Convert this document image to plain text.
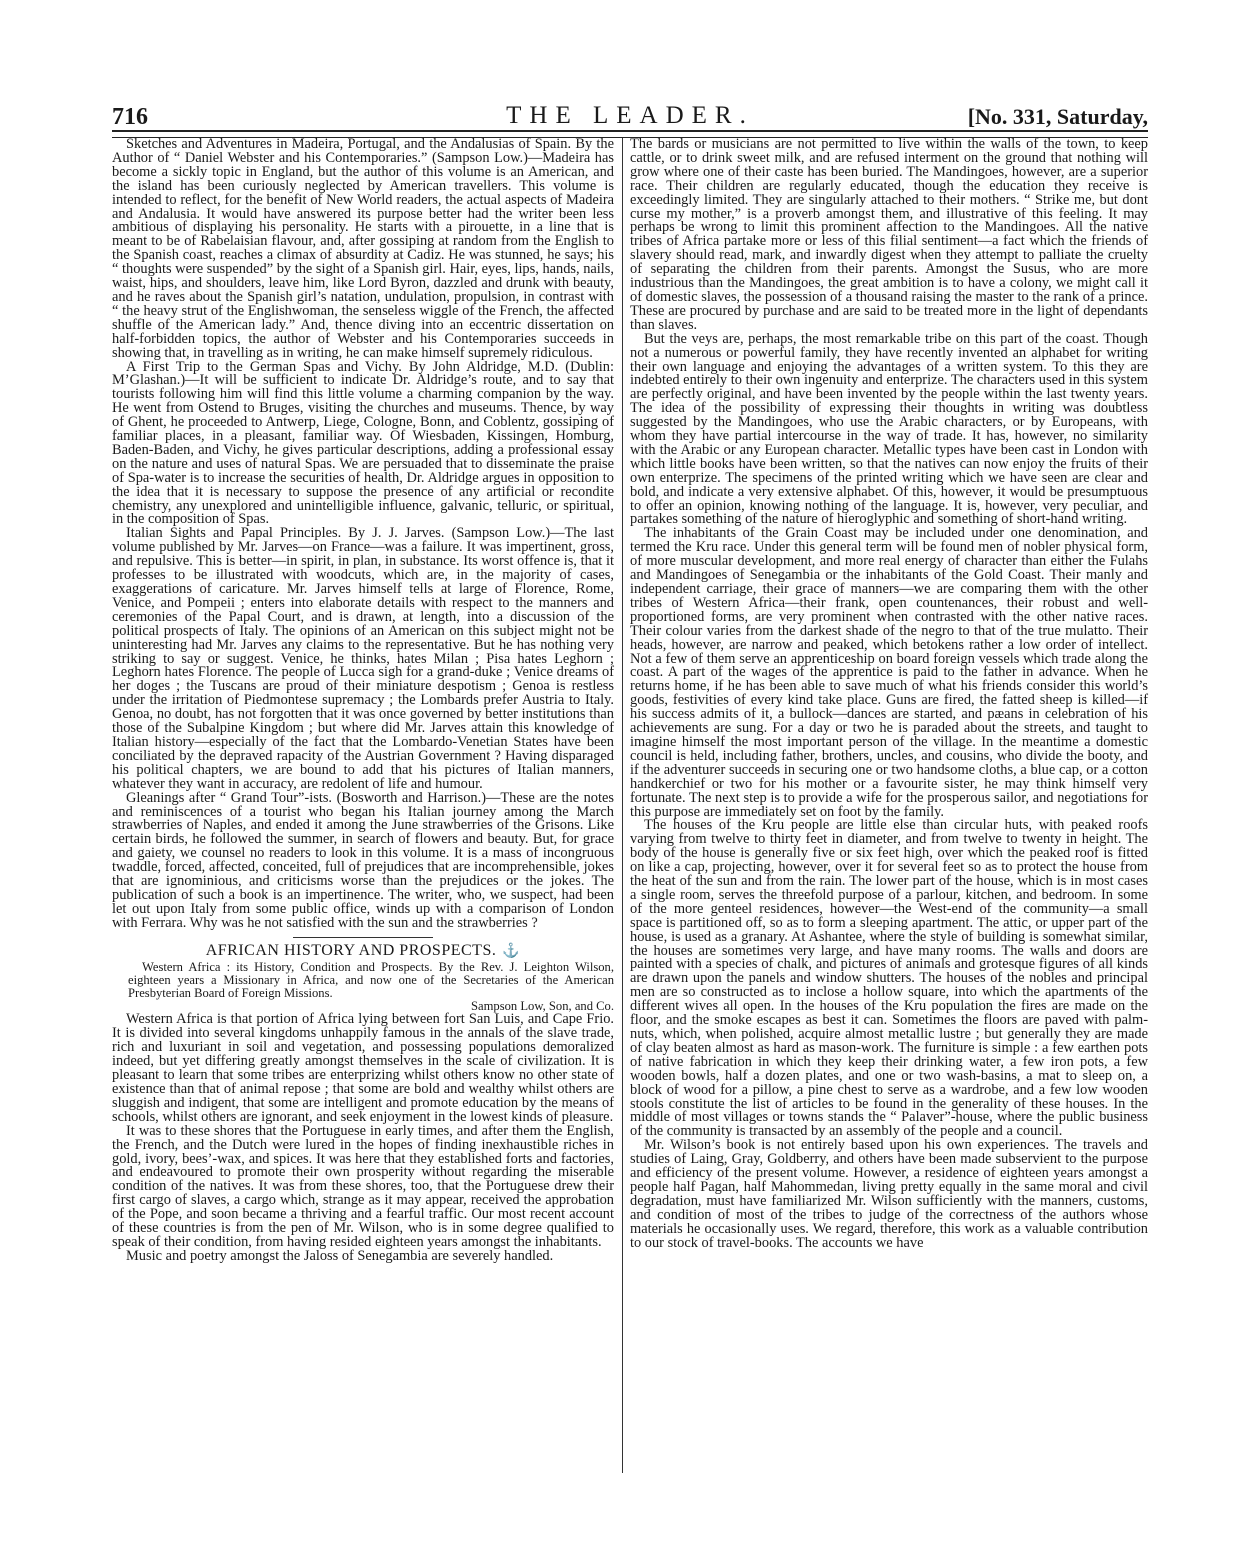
716	THE LEADER.	[No. 331, Saturday,

Sketches and Adventures in Madeira, Portugal, and the Andalusias of Spain. By the Author of “ Daniel Webster and his Contemporaries.” (Sampson Low.)—Madeira has become a sickly topic in England, but the author of this volume is an American, and the island has been curiously neglected by American travellers. This volume is intended to reflect, for the benefit of New World readers, the actual aspects of Madeira and Andalusia. It would have answered its purpose better had the writer been less ambitious of displaying his personality. He starts with a pirouette, in a line that is meant to be of Rabelaisian flavour, and, after gossiping at random from the English to the Spanish coast, reaches a climax of absurdity at Cadiz. He was stunned, he says; his “ thoughts were suspended” by the sight of a Spanish girl. Hair, eyes, lips, hands, nails, waist, hips, and shoulders, leave him, like Lord Byron, dazzled and drunk with beauty, and he raves about the Spanish girl’s natation, undulation, propulsion, in contrast with “ the heavy strut of the Englishwoman, the senseless wiggle of the French, the affected shuffle of the American lady.” And, thence diving into an eccentric dissertation on half-forbidden topics, the author of Webster and his Contemporaries succeeds in showing that, in travelling as in writing, he can make himself supremely ridiculous.

A First Trip to the German Spas and Vichy. By John Aldridge, M.D. (Dublin: M’Glashan.)—It will be sufficient to indicate Dr. Aldridge’s route, and to say that tourists following him will find this little volume a charming companion by the way. He went from Ostend to Bruges, visiting the churches and museums. Thence, by way of Ghent, he proceeded to Antwerp, Liege, Cologne, Bonn, and Coblentz, gossiping of familiar places, in a pleasant, familiar way. Of Wiesbaden, Kissingen, Homburg, Baden-Baden, and Vichy, he gives particular descriptions, adding a professional essay on the nature and uses of natural Spas. We are persuaded that to disseminate the praise of Spa-water is to increase the securities of health, Dr. Aldridge argues in opposition to the idea that it is necessary to suppose the presence of any artificial or recondite chemistry, any unexplored and unintelligible influence, galvanic, telluric, or spiritual, in the composition of Spas.

Italian Sights and Papal Principles. By J. J. Jarves. (Sampson Low.)—The last volume published by Mr. Jarves—on France—was a failure. It was impertinent, gross, and repulsive. This is better—in spirit, in plan, in substance. Its worst offence is, that it professes to be illustrated with woodcuts, which are, in the majority of cases, exaggerations of caricature. Mr. Jarves himself tells at large of Florence, Rome, Venice, and Pompeii ; enters into elaborate details with respect to the manners and ceremonies of the Papal Court, and is drawn, at length, into a discussion of the political prospects of Italy. The opinions of an American on this subject might not be uninteresting had Mr. Jarves any claims to the representative. But he has nothing very striking to say or suggest. Venice, he thinks, hates Milan ; Pisa hates Leghorn ; Leghorn hates Florence. The people of Lucca sigh for a grand-duke ; Venice dreams of her doges ; the Tuscans are proud of their miniature despotism ; Genoa is restless under the irritation of Piedmontese supremacy ; the Lombards prefer Austria to Italy. Genoa, no doubt, has not forgotten that it was once governed by better institutions than those of the Subalpine Kingdom ; but where did Mr. Jarves attain this knowledge of Italian history—especially of the fact that the Lombardo-Venetian States have been conciliated by the depraved rapacity of the Austrian Government ? Having disparaged his political chapters, we are bound to add that his pictures of Italian manners, whatever they want in accuracy, are redolent of life and humour.

Gleanings after “ Grand Tour”-ists. (Bosworth and Harrison.)—These are the notes and reminiscences of a tourist who began his Italian journey among the March strawberries of Naples, and ended it among the June strawberries of the Grisons. Like certain birds, he followed the summer, in search of flowers and beauty. But, for grace and gaiety, we counsel no readers to look in this volume. It is a mass of incongruous twaddle, forced, affected, conceited, full of prejudices that are incomprehensible, jokes that are ignominious, and criticisms worse than the prejudices or the jokes. The publication of such a book is an impertinence. The writer, who, we suspect, had been let out upon Italy from some public office, winds up with a comparison of London with Ferrara. Why was he not satisfied with the sun and the strawberries ?

AFRICAN HISTORY AND PROSPECTS. ⚓

Western Africa : its History, Condition and Prospects. By the Rev. J. Leighton Wilson, eighteen years a Missionary in Africa, and now one of the Secretaries of the American Presbyterian Board of Foreign Missions.

Sampson Low, Son, and Co.

Western Africa is that portion of Africa lying between fort San Luis, and Cape Frio. It is divided into several kingdoms unhappily famous in the annals of the slave trade, rich and luxuriant in soil and vegetation, and possessing populations demoralized indeed, but yet differing greatly amongst themselves in the scale of civilization. It is pleasant to learn that some tribes are enterprizing whilst others know no other state of existence than that of animal repose ; that some are bold and wealthy whilst others are sluggish and indigent, that some are intelligent and promote education by the means of schools, whilst others are ignorant, and seek enjoyment in the lowest kinds of pleasure.

It was to these shores that the Portuguese in early times, and after them the English, the French, and the Dutch were lured in the hopes of finding inexhaustible riches in gold, ivory, bees’-wax, and spices. It was here that they established forts and factories, and endeavoured to promote their own prosperity without regarding the miserable condition of the natives. It was from these shores, too, that the Portuguese drew their first cargo of slaves, a cargo which, strange as it may appear, received the approbation of the Pope, and soon became a thriving and a fearful traffic. Our most recent account of these countries is from the pen of Mr. Wilson, who is in some degree qualified to speak of their condition, from having resided eighteen years amongst the inhabitants.

Music and poetry amongst the Jaloss of Senegambia are severely handled.

The bards or musicians are not permitted to live within the walls of the town, to keep cattle, or to drink sweet milk, and are refused interment on the ground that nothing will grow where one of their caste has been buried. The Mandingoes, however, are a superior race. Their children are regularly educated, though the education they receive is exceedingly limited. They are singularly attached to their mothers. “ Strike me, but dont curse my mother,” is a proverb amongst them, and illustrative of this feeling. It may perhaps be wrong to limit this prominent affection to the Mandingoes. All the native tribes of Africa partake more or less of this filial sentiment—a fact which the friends of slavery should read, mark, and inwardly digest when they attempt to palliate the cruelty of separating the children from their parents. Amongst the Susus, who are more industrious than the Mandingoes, the great ambition is to have a colony, we might call it of domestic slaves, the possession of a thousand raising the master to the rank of a prince. These are procured by purchase and are said to be treated more in the light of dependants than slaves.

But the veys are, perhaps, the most remarkable tribe on this part of the coast. Though not a numerous or powerful family, they have recently invented an alphabet for writing their own language and enjoying the advantages of a written system. To this they are indebted entirely to their own ingenuity and enterprize. The characters used in this system are perfectly original, and have been invented by the people within the last twenty years. The idea of the possibility of expressing their thoughts in writing was doubtless suggested by the Mandingoes, who use the Arabic characters, or by Europeans, with whom they have partial intercourse in the way of trade. It has, however, no similarity with the Arabic or any European character. Metallic types have been cast in London with which little books have been written, so that the natives can now enjoy the fruits of their own enterprize. The specimens of the printed writing which we have seen are clear and bold, and indicate a very extensive alphabet. Of this, however, it would be presumptuous to offer an opinion, knowing nothing of the language. It is, however, very peculiar, and partakes something of the nature of hieroglyphic and something of short-hand writing.

The inhabitants of the Grain Coast may be included under one denomination, and termed the Kru race. Under this general term will be found men of nobler physical form, of more muscular development, and more real energy of character than either the Fulahs and Mandingoes of Senegambia or the inhabitants of the Gold Coast. Their manly and independent carriage, their grace of manners—we are comparing them with the other tribes of Western Africa—their frank, open countenances, their robust and well-proportioned forms, are very prominent when contrasted with the other native races. Their colour varies from the darkest shade of the negro to that of the true mulatto. Their heads, however, are narrow and peaked, which betokens rather a low order of intellect. Not a few of them serve an apprenticeship on board foreign vessels which trade along the coast. A part of the wages of the apprentice is paid to the father in advance. When he returns home, if he has been able to save much of what his friends consider this world’s goods, festivities of every kind take place. Guns are fired, the fatted sheep is killed—if his success admits of it, a bullock—dances are started, and pæans in celebration of his achievements are sung. For a day or two he is paraded about the streets, and taught to imagine himself the most important person of the village. In the meantime a domestic council is held, including father, brothers, uncles, and cousins, who divide the booty, and if the adventurer succeeds in securing one or two handsome cloths, a blue cap, or a cotton handkerchief or two for his mother or a favourite sister, he may think himself very fortunate. The next step is to provide a wife for the prosperous sailor, and negotiations for this purpose are immediately set on foot by the family.

The houses of the Kru people are little else than circular huts, with peaked roofs varying from twelve to thirty feet in diameter, and from twelve to twenty in height. The body of the house is generally five or six feet high, over which the peaked roof is fitted on like a cap, projecting, however, over it for several feet so as to protect the house from the heat of the sun and from the rain. The lower part of the house, which is in most cases a single room, serves the threefold purpose of a parlour, kitchen, and bedroom. In some of the more genteel residences, however—the West-end of the community—a small space is partitioned off, so as to form a sleeping apartment. The attic, or upper part of the house, is used as a granary. At Ashantee, where the style of building is somewhat similar, the houses are sometimes very large, and have many rooms. The walls and doors are painted with a species of chalk, and pictures of animals and grotesque figures of all kinds are drawn upon the panels and window shutters. The houses of the nobles and principal men are so constructed as to inclose a hollow square, into which the apartments of the different wives all open. In the houses of the Kru population the fires are made on the floor, and the smoke escapes as best it can. Sometimes the floors are paved with palm-nuts, which, when polished, acquire almost metallic lustre ; but generally they are made of clay beaten almost as hard as mason-work. The furniture is simple : a few earthen pots of native fabrication in which they keep their drinking water, a few iron pots, a few wooden bowls, half a dozen plates, and one or two wash-basins, a mat to sleep on, a block of wood for a pillow, a pine chest to serve as a wardrobe, and a few low wooden stools constitute the list of articles to be found in the generality of these houses. In the middle of most villages or towns stands the “ Palaver”-house, where the public business of the community is transacted by an assembly of the people and a council.

Mr. Wilson’s book is not entirely based upon his own experiences. The travels and studies of Laing, Gray, Goldberry, and others have been made subservient to the purpose and efficiency of the present volume. However, a residence of eighteen years amongst a people half Pagan, half Mahommedan, living pretty equally in the same moral and civil degradation, must have familiarized Mr. Wilson sufficiently with the manners, customs, and condition of most of the tribes to judge of the correctness of the authors whose materials he occasionally uses. We regard, therefore, this work as a valuable contribution to our stock of travel-books. The accounts we have
